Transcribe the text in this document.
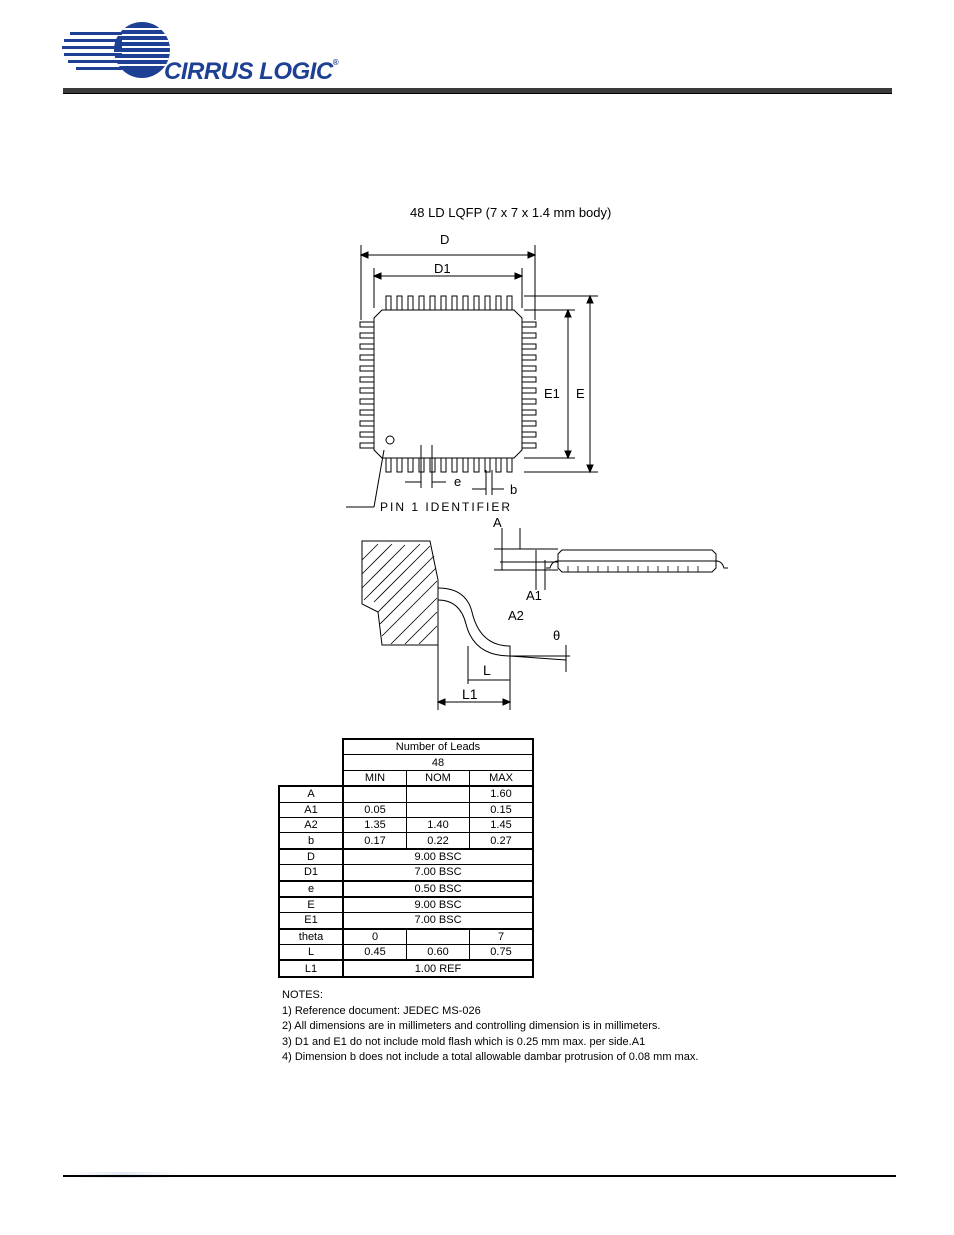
CIRRUS LOGIC®
48 LD LQFP (7 x 7 x 1.4 mm body)
D
D1
E1 E
e
b
PIN 1 IDENTIFIER
A
A1
A2
θ
L
L1
	Number of Leads		
	48		
	MIN	NOM	MAX
A			1.60
A1	0.05		0.15
A2	1.35	1.40	1.45
b	0.17	0.22	0.27
D	9.00 BSC		
D1	7.00 BSC		
e	0.50 BSC		
E	9.00 BSC		
E1	7.00 BSC		
theta	0		7
L	0.45	0.60	0.75
L1	1.00 REF		
NOTES:
1) Reference document: JEDEC MS-026
2) All dimensions are in millimeters and controlling dimension is in millimeters.
3) D1 and E1 do not include mold flash which is 0.25 mm max. per side.A1
4) Dimension b does not include a total allowable dambar protrusion of 0.08 mm max.
